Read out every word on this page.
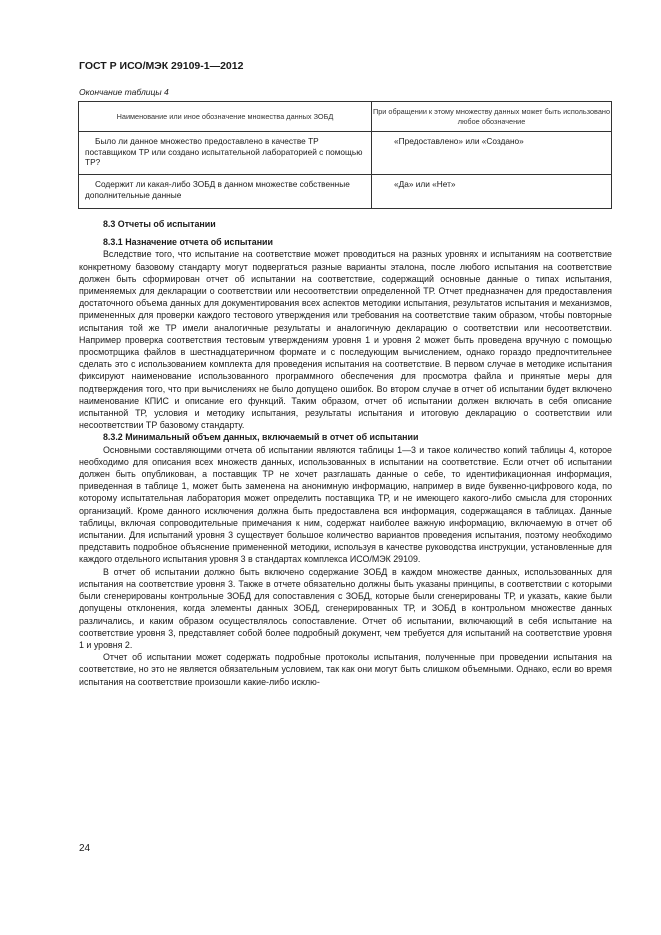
ГОСТ Р ИСО/МЭК 29109-1—2012
Окончание таблицы 4
Наименование или иное обозначение множества данных ЗОБД	При обращении к этому множеству данных может быть использовано любое обозначение
Было ли данное множество предоставлено в качестве ТР поставщиком ТР или создано испытательной лабораторией с помощью ТР?	«Предоставлено» или «Создано»
Содержит ли какая-либо ЗОБД в данном множестве собственные дополнительные данные	«Да» или «Нет»
8.3 Отчеты об испытании
8.3.1 Назначение отчета об испытании

Вследствие того, что испытание на соответствие может проводиться на разных уровнях и испытаниям на соответствие конкретному базовому стандарту могут подвергаться разные варианты эталона, после любого испытания на соответствие должен быть сформирован отчет об испытании на соответствие, содержащий основные данные о типах испытания, применяемых для декларации о соответствии или несоответствии определенной ТР. Отчет предназначен для предоставления достаточного объема данных для документирования всех аспектов методики испытания, результатов испытания и механизмов, примененных для проверки каждого тестового утверждения или требования на соответствие таким образом, чтобы повторные испытания той же ТР имели аналогичные результаты и аналогичную декларацию о соответствии или несоответствии. Например проверка соответствия тестовым утверждениям уровня 1 и уровня 2 может быть проведена вручную с помощью просмотрщика файлов в шестнадцатеричном формате и с последующим вычислением, однако гораздо предпочтительнее сделать это с использованием комплекта для проведения испытания на соответствие. В первом случае в методике испытания фиксируют наименование использованного программного обеспечения для просмотра файла и принятые меры для подтверждения того, что при вычислениях не было допущено ошибок. Во втором случае в отчет об испытании будет включено наименование КПИС и описание его функций. Таким образом, отчет об испытании должен включать в себя описание испытанной ТР, условия и методику испытания, результаты испытания и итоговую декларацию о соответствии или несоответствии ТР базовому стандарту.

8.3.2 Минимальный объем данных, включаемый в отчет об испытании

Основными составляющими отчета об испытании являются таблицы 1—3 и такое количество копий таблицы 4, которое необходимо для описания всех множеств данных, использованных в испытании на соответствие. Если отчет об испытании должен быть опубликован, а поставщик ТР не хочет разглашать данные о себе, то идентификационная информация, приведенная в таблице 1, может быть заменена на анонимную информацию, например в виде буквенно-цифрового кода, по которому испытательная лаборатория может определить поставщика ТР, и не имеющего какого-либо смысла для сторонних организаций. Кроме данного исключения должна быть предоставлена вся информация, содержащаяся в таблицах. Данные таблицы, включая сопроводительные примечания к ним, содержат наиболее важную информацию, включаемую в отчет об испытании. Для испытаний уровня 3 существует большое количество вариантов проведения испытания, поэтому необходимо представить подробное объяснение примененной методики, используя в качестве руководства инструкции, установленные для каждого отдельного испытания уровня 3 в стандартах комплекса ИСО/МЭК 29109.

В отчет об испытании должно быть включено содержание ЗОБД в каждом множестве данных, использованных для испытания на соответствие уровня 3. Также в отчете обязательно должны быть указаны принципы, в соответствии с которыми были сгенерированы контрольные ЗОБД для сопоставления с ЗОБД, которые были сгенерированы ТР, и указать, какие были допущены отклонения, когда элементы данных ЗОБД, сгенерированных ТР, и ЗОБД в контрольном множестве данных различались, и каким образом осуществлялось сопоставление. Отчет об испытании, включающий в себя испытание на соответствие уровня 3, представляет собой более подробный документ, чем требуется для испытаний на соответствие уровня 1 и уровня 2.

Отчет об испытании может содержать подробные протоколы испытания, полученные при проведении испытания на соответствие, но это не является обязательным условием, так как они могут быть слишком объемными. Однако, если во время испытания на соответствие произошли какие-либо исклю-

24
